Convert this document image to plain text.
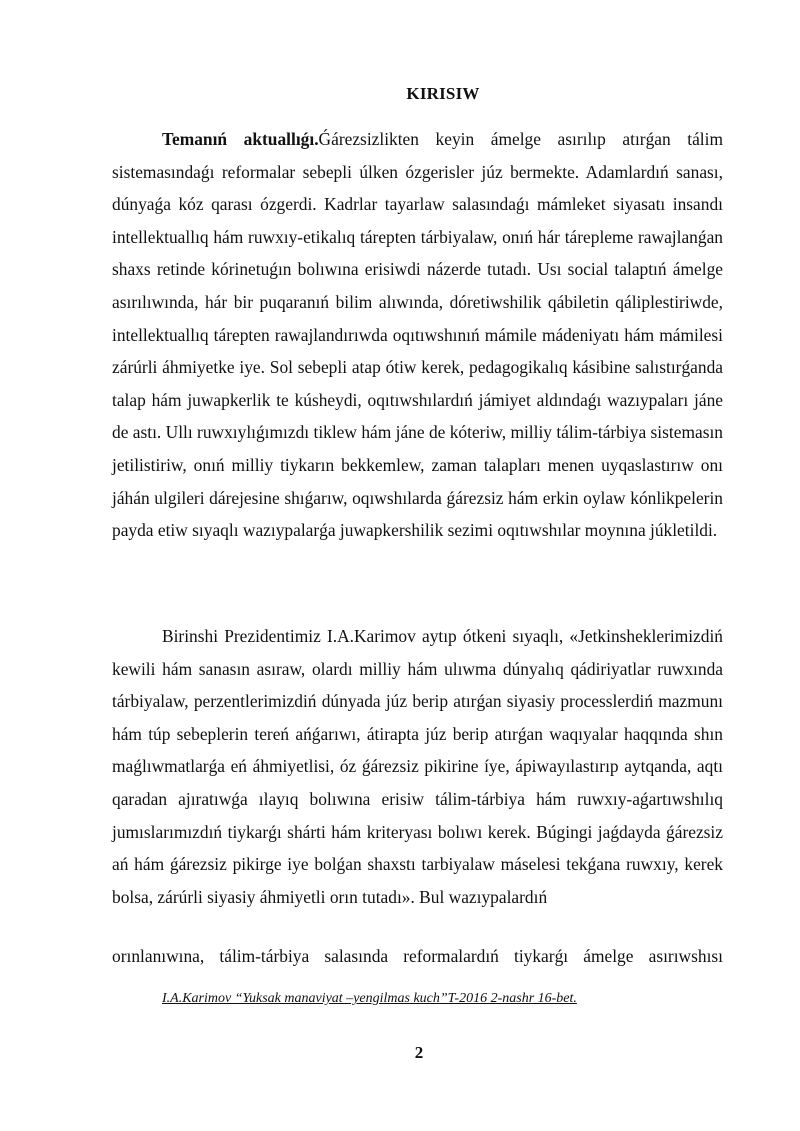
KIRISIW

Temanıń aktuallıǵı.Ǵárezsizlikten keyin ámelge asırılıp atırǵan tálim sistemasındaǵı reformalar sebepli úlken ózgerisler júz bermekte. Adamlardıń sanası, dúnyaǵa kóz qarası ózgerdi. Kadrlar tayarlaw salasındaǵı mámleket siyasatı insandı intellektuallıq hám ruwxıy-etikalıq tárepten tárbiyalaw, onıń hár tárepleme rawajlanǵan shaxs retinde kórinetuǵın bolıwına erisiwdi názerde tutadı. Usı social talaptıń ámelge asırılıwında, hár bir puqaranıń bilim alıwında, dóretiwshilik qábiletin qáliplestiriwde, intellektuallıq tárepten rawajlandırıwda oqıtıwshınıń mámile mádeniyatı hám mámilesi zárúrli áhmiyetke iye. Sol sebepli atap ótiw kerek, pedagogikalıq kásibine salıstırǵanda talap hám juwapkerlik te kúsheydi, oqıtıwshılardıń jámiyet aldındaǵı wazıypaları jáne de astı. Ullı ruwxıylıǵımızdı tiklew hám jáne de kóteriw, milliy tálim-tárbiya sistemasın jetilistiriw, onıń milliy tiykarın bekkemlew, zaman talapları menen uyqaslastırıw onı jáhán ulgileri dárejesine shıǵarıw, oqıwshılarda ǵárezsiz hám erkin oylaw kónlikpelerin payda etiw sıyaqlı wazıypalarǵa juwapkershilik sezimi oqıtıwshılar moynına júkletildi.

Birinshi Prezidentimiz I.A.Karimov aytıp ótkeni sıyaqlı, «Jetkinsheklerimizdiń kewili hám sanasın asıraw, olardı milliy hám ulıwma dúnyalıq qádiriyatlar ruwxında tárbiyalaw, perzentlerimizdiń dúnyada júz berip atırǵan siyasiy processlerdiń mazmunı hám túp sebeplerin tereń ańǵarıwı, átirapta júz berip atırǵan waqıyalar haqqında shın maǵlıwmatlarǵa eń áhmiyetlisi, óz ǵárezsiz pikirine íye, ápiwayılastırıp aytqanda, aqtı qaradan ajıratıwǵa ılayıq bolıwına erisiw tálim-tárbiya hám ruwxıy-aǵartıwshılıq jumıslarımızdıń tiykarǵı shárti hám kriteryası bolıwı kerek. Búgingi jaǵdayda ǵárezsiz ań hám ǵárezsiz pikirge iye bolǵan shaxstı tarbiyalaw máselesi tekǵana ruwxıy, kerek bolsa, zárúrli siyasiy áhmiyetli orın tutadı». Bul wazıypalardıń

orınlanıwına, tálim-tárbiya salasında reformalardıń tiykarǵı ámelge asırıwshısı
I.A.Karimov “Yuksak manaviyat –yengilmas kuch”T-2016 2-nashr 16-bet.
2
